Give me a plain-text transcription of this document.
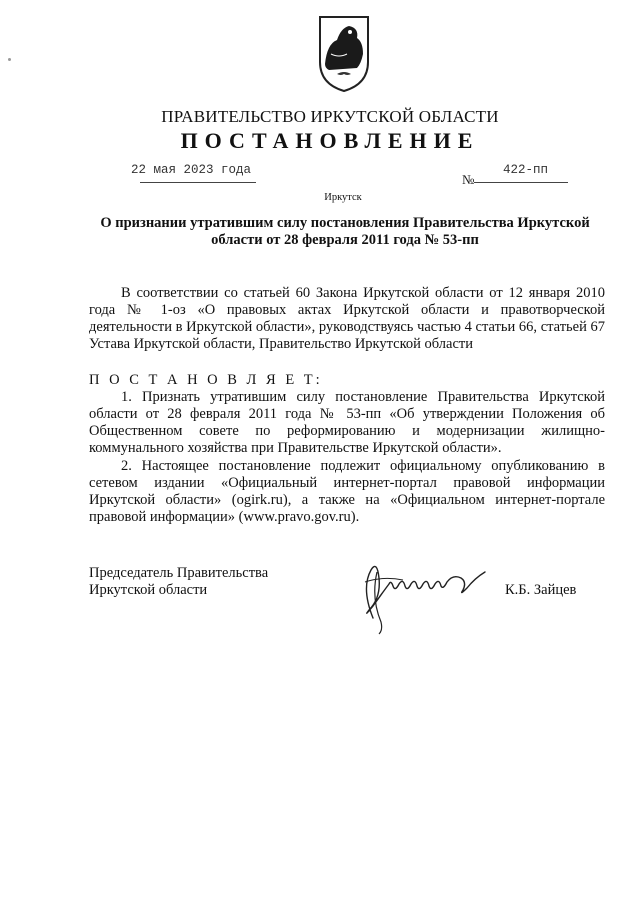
ПРАВИТЕЛЬСТВО ИРКУТСКОЙ ОБЛАСТИ
ПОСТАНОВЛЕНИЕ
22 мая 2023 года
№
422-пп
Иркутск
О признании утратившим силу постановления Правительства Иркутской области от 28 февраля 2011 года № 53-пп

В соответствии со статьей 60 Закона Иркутской области от 12 января 2010 года № 1-оз «О правовых актах Иркутской области и правотворческой деятельности в Иркутской области», руководствуясь частью 4 статьи 66, статьей 67 Устава Иркутской области, Правительство Иркутской области

П О С Т А Н О В Л Я Е Т:

1. Признать утратившим силу постановление Правительства Иркутской области от 28 февраля 2011 года № 53-пп «Об утверждении Положения об Общественном совете по реформированию и модернизации жилищно-коммунального хозяйства при Правительстве Иркутской области».

2. Настоящее постановление подлежит официальному опубликованию в сетевом издании «Официальный интернет-портал правовой информации Иркутской области» (ogirk.ru), а также на «Официальном интернет-портале правовой информации» (www.pravo.gov.ru).

Председатель Правительства
Иркутской области	К.Б. Зайцев
